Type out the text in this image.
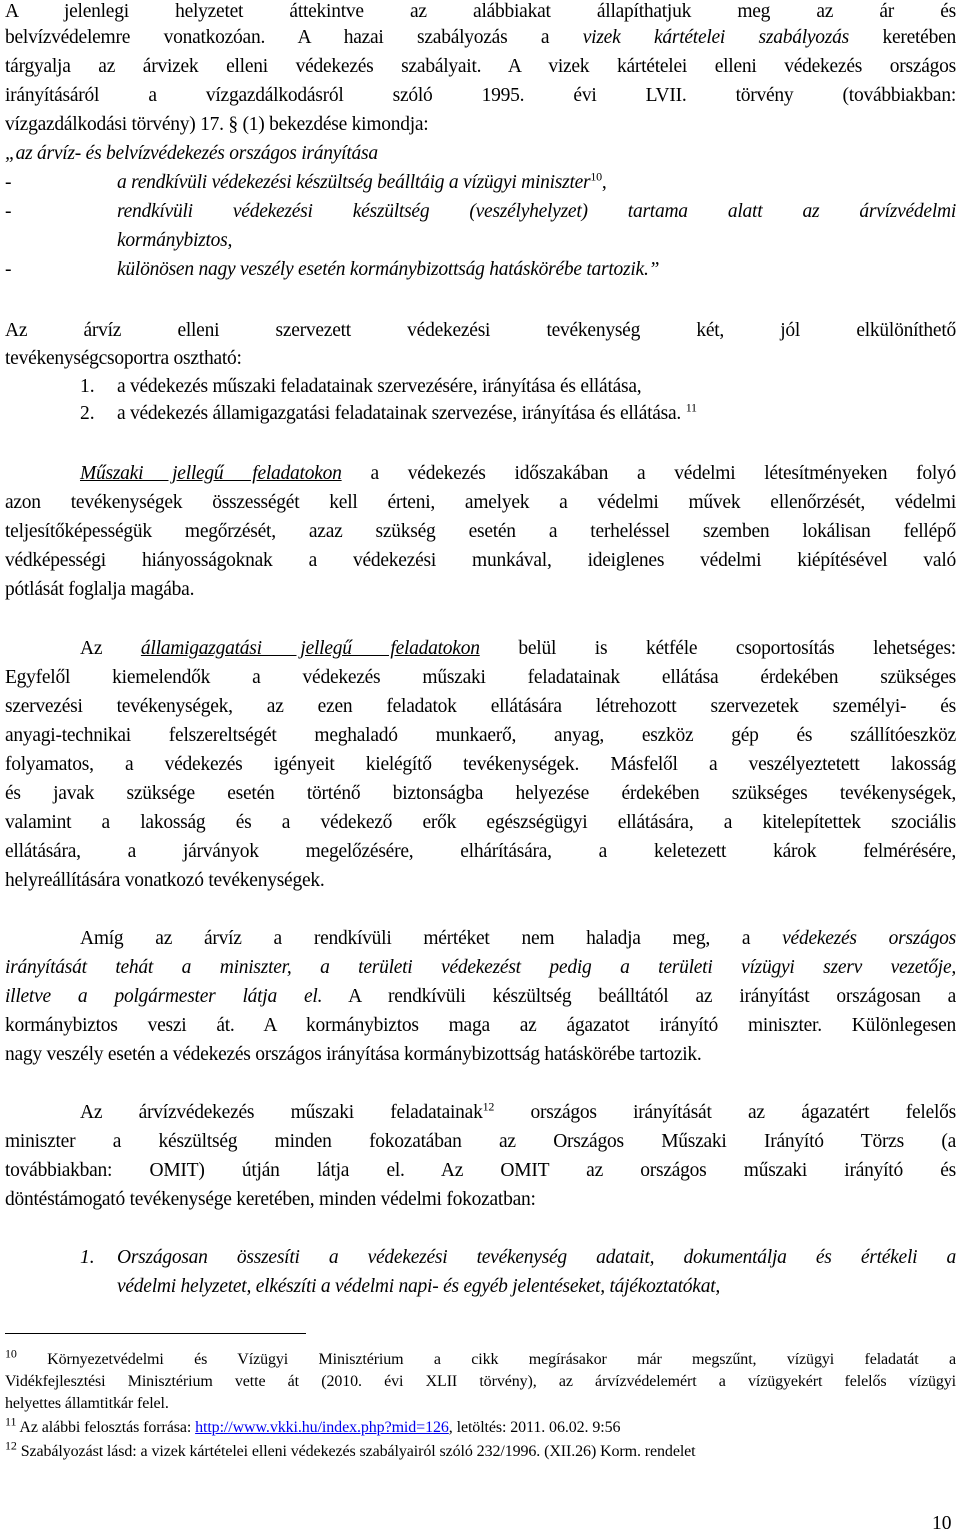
A jelenlegi helyzetet áttekintve az alábbiakat állapíthatjuk meg az ár és

belvízvédelemre vonatkozóan. A hazai szabályozás a vizek kártételei szabályozás keretében

tárgyalja az árvizek elleni védekezés szabályait. A vizek kártételei elleni védekezés országos

irányításáról a vízgazdálkodásról szóló 1995. évi LVII. törvény (továbbiakban:

vízgazdálkodási törvény) 17. § (1) bekezdése kimondja:

„az árvíz- és belvízvédekezés országos irányítása

-	a rendkívüli védekezési készültség beálltáig a vízügyi miniszter$^{10}$,

-	rendkívüli védekezési készültség (veszélyhelyzet) tartama alatt az árvízvédelmi

kormánybiztos,

-	különösen nagy veszély esetén kormánybizottság hatáskörébe tartozik.”

Az árvíz elleni szervezett védekezési tevékenység két, jól elkülöníthető

tevékenységcsoportra osztható:

1. a védekezés műszaki feladatainak szervezésére, irányítása és ellátása,

2. a védekezés államigazgatási feladatainak szervezése, irányítása és ellátása. $^{11}$

Műszaki jellegű feladatokon a védekezés időszakában a védelmi létesítményeken folyó

azon tevékenységek összességét kell érteni, amelyek a védelmi művek ellenőrzését, védelmi

teljesítőképességük megőrzését, azaz szükség esetén a terheléssel szemben lokálisan fellépő

védképességi hiányosságoknak a védekezési munkával, ideiglenes védelmi kiépítésével való

pótlását foglalja magába.

Az államigazgatási jellegű feladatokon belül is kétféle csoportosítás lehetséges:

Egyfelől kiemelendők a védekezés műszaki feladatainak ellátása érdekében szükséges

szervezési tevékenységek, az ezen feladatok ellátására létrehozott szervezetek személyi- és

anyagi-technikai felszereltségét meghaladó munkaerő, anyag, eszköz gép és szállítóeszköz

folyamatos, a védekezés igényeit kielégítő tevékenységek. Másfelől a veszélyeztetett lakosság

és javak szüksége esetén történő biztonságba helyezése érdekében szükséges tevékenységek,

valamint a lakosság és a védekező erők egészségügyi ellátására, a kitelepítettek szociális

ellátására, a járványok megelőzésére, elhárítására, a keletezett károk felmérésére,

helyreállítására vonatkozó tevékenységek.

Amíg az árvíz a rendkívüli mértéket nem haladja meg, a védekezés országos

irányítását tehát a miniszter, a területi védekezést pedig a területi vízügyi szerv vezetője,

illetve a polgármester látja el. A rendkívüli készültség beálltától az irányítást országosan a

kormánybiztos veszi át. A kormánybiztos maga az ágazatot irányító miniszter. Különlegesen

nagy veszély esetén a védekezés országos irányítása kormánybizottság hatáskörébe tartozik.

Az árvízvédekezés műszaki feladatainak$^{12}$ országos irányítását az ágazatért felelős

miniszter a készültség minden fokozatában az Országos Műszaki Irányító Törzs (a

továbbiakban: OMIT) útján látja el. Az OMIT az országos műszaki irányító és

döntéstámogató tevékenysége keretében, minden védelmi fokozatban:

1. Országosan összesíti a védekezési tevékenység adatait, dokumentálja és értékeli a

védelmi helyzetet, elkészíti a védelmi napi- és egyéb jelentéseket, tájékoztatókat,

$^{10}$ Környezetvédelmi és Vízügyi Minisztérium a cikk megírásakor már megszűnt, vízügyi feladatát a

Vidékfejlesztési Minisztérium vette át (2010. évi XLII törvény), az árvízvédelemért a vízügyekért felelős vízügyi

helyettes államtitkár felel.

$^{11}$ Az alábbi felosztás forrása: http://www.vkki.hu/index.php?mid=126, letöltés: 2011. 06.02. 9:56

$^{12}$ Szabályozást lásd: a vizek kártételei elleni védekezés szabályairól szóló 232/1996. (XII.26) Korm. rendelet

10
